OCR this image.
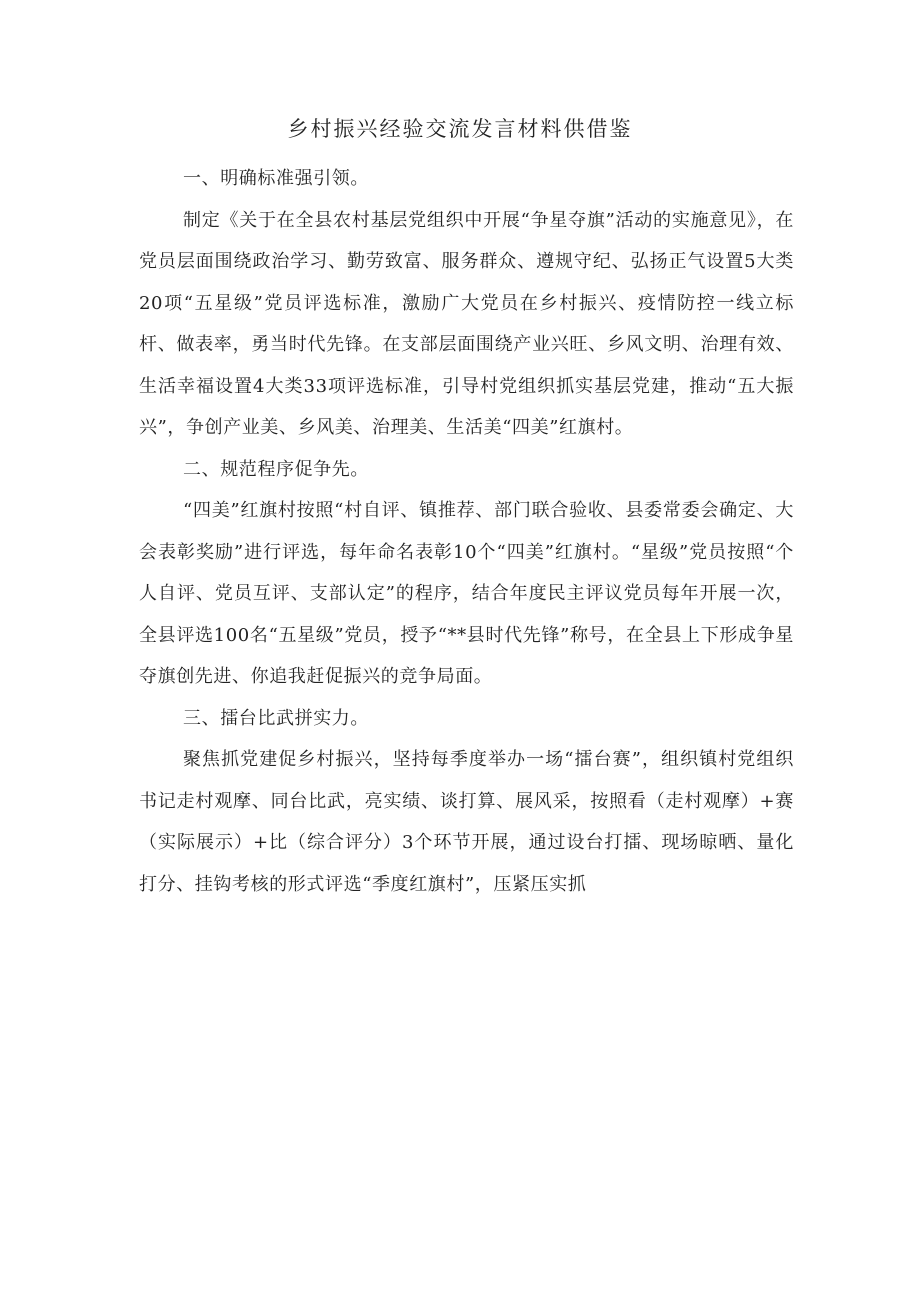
乡村振兴经验交流发言材料供借鉴

一、明确标准强引领。

制定《关于在全县农村基层党组织中开展“争星夺旗”活动的实施意见》，在党员层面围绕政治学习、勤劳致富、服务群众、遵规守纪、弘扬正气设置5大类20项“五星级”党员评选标准，激励广大党员在乡村振兴、疫情防控一线立标杆、做表率，勇当时代先锋。在支部层面围绕产业兴旺、乡风文明、治理有效、生活幸福设置4大类33项评选标准，引导村党组织抓实基层党建，推动“五大振兴”，争创产业美、乡风美、治理美、生活美“四美”红旗村。

二、规范程序促争先。

“四美”红旗村按照“村自评、镇推荐、部门联合验收、县委常委会确定、大会表彰奖励”进行评选，每年命名表彰10个“四美”红旗村。“星级”党员按照“个人自评、党员互评、支部认定”的程序，结合年度民主评议党员每年开展一次，全县评选100名“五星级”党员，授予“**县时代先锋”称号，在全县上下形成争星夺旗创先进、你追我赶促振兴的竞争局面。

三、擂台比武拼实力。

聚焦抓党建促乡村振兴，坚持每季度举办一场“擂台赛”，组织镇村党组织书记走村观摩、同台比武，亮实绩、谈打算、展风采，按照看（走村观摩）+赛（实际展示）+比（综合评分）3个环节开展，通过设台打擂、现场晾晒、量化打分、挂钩考核的形式评选“季度红旗村”，压紧压实抓
